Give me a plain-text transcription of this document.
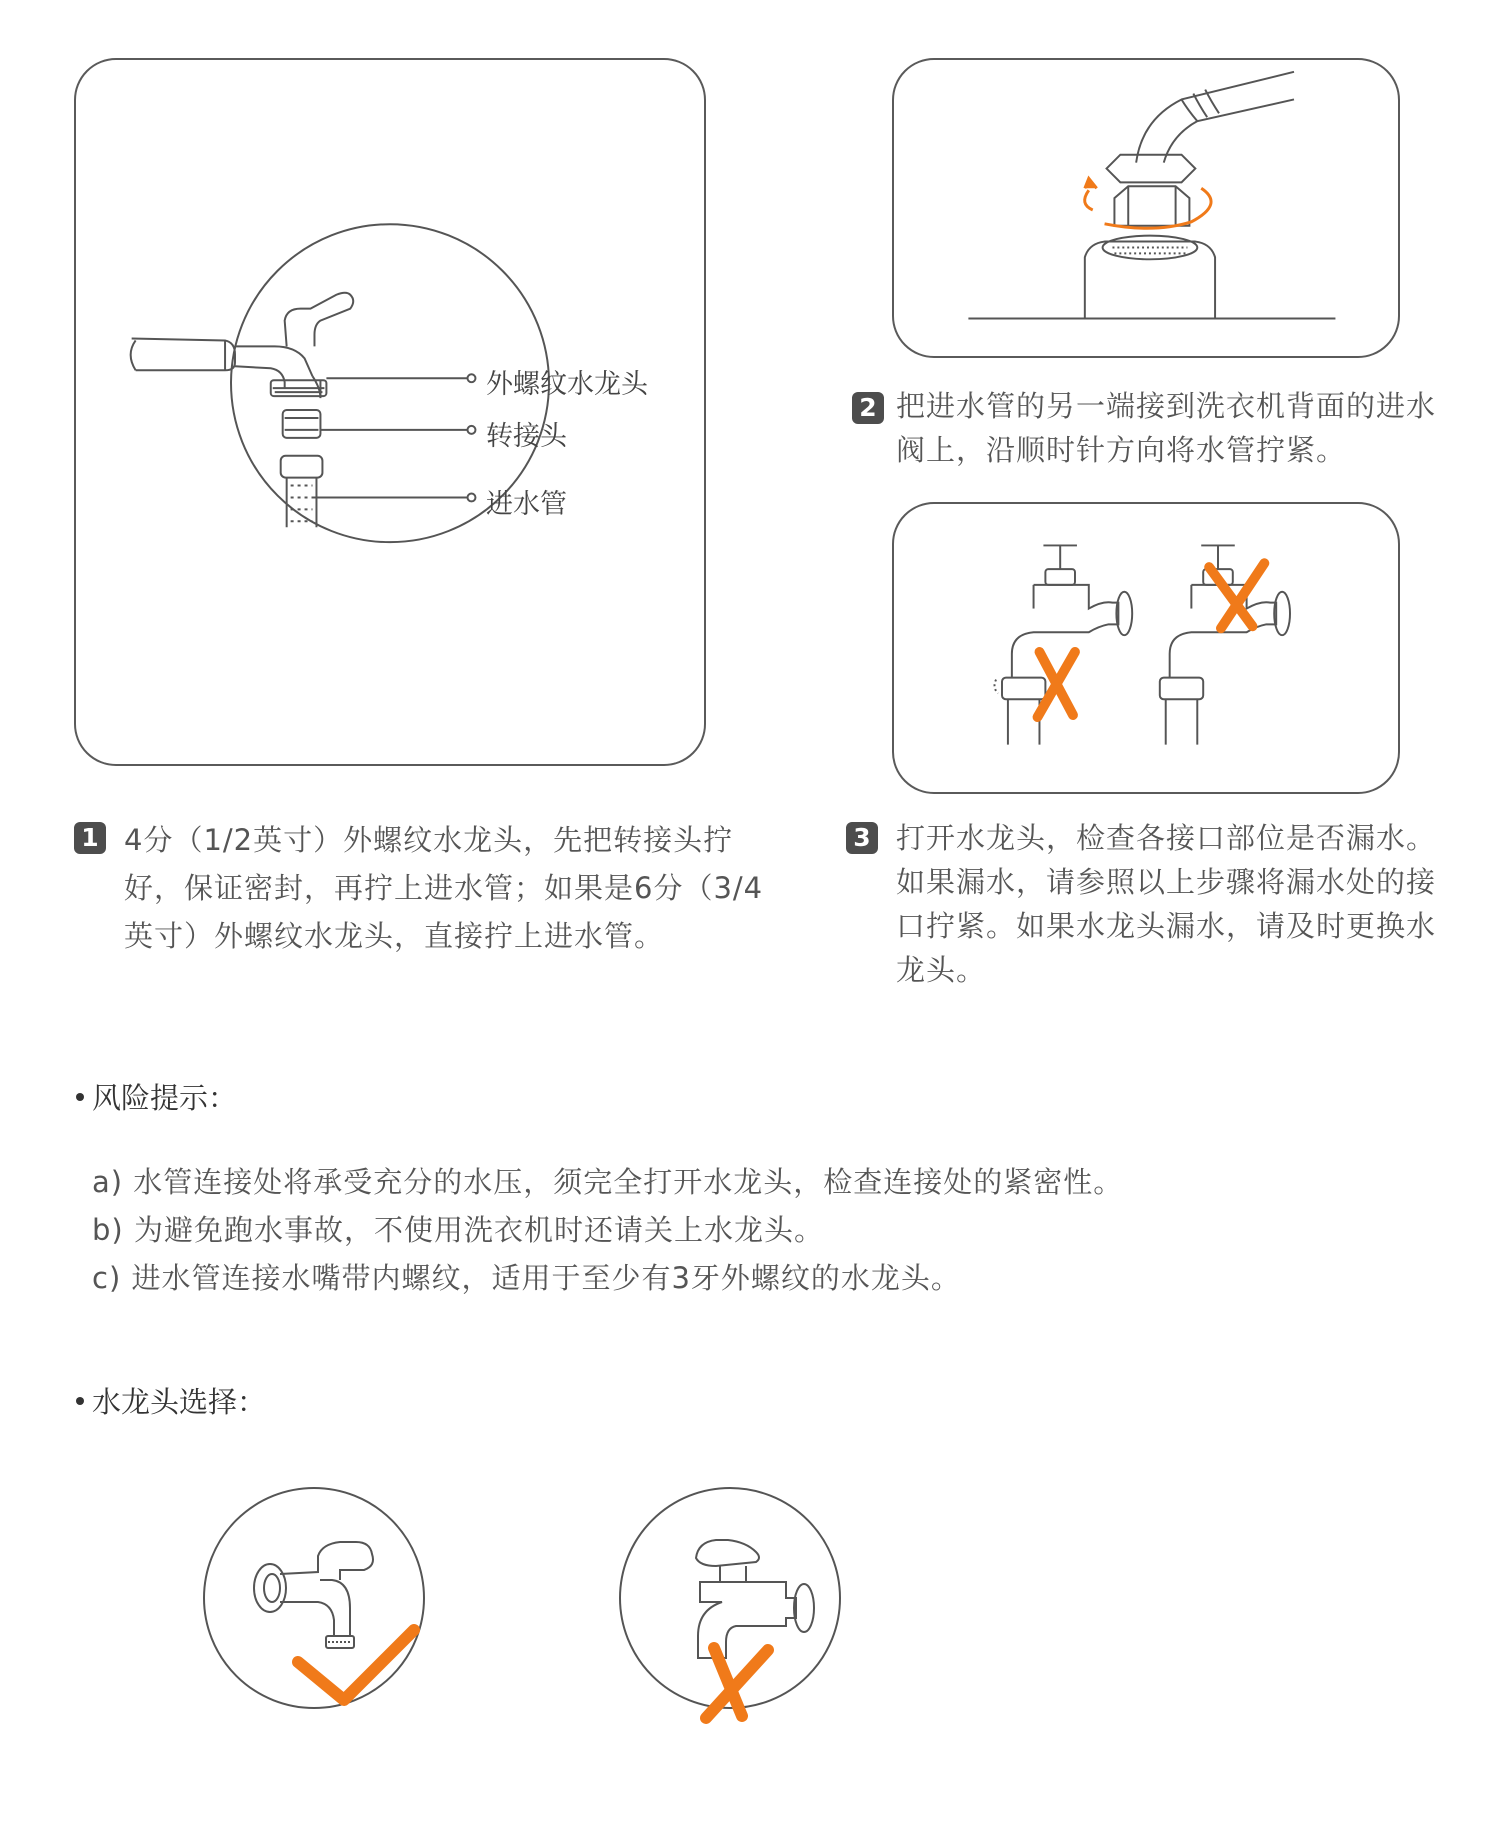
外螺纹水龙头
转接头
进水管
1 4分（1/2英寸）外螺纹水龙头，先把转接头拧

好，保证密封，再拧上进水管；如果是6分（3/4

英寸）外螺纹水龙头，直接拧上进水管。

2 把进水管的另一端接到洗衣机背面的进水

阀上，沿顺时针方向将水管拧紧。

3 打开水龙头，检查各接口部位是否漏水。

如果漏水，请参照以上步骤将漏水处的接

口拧紧。如果水龙头漏水，请及时更换水

龙头。

风险提示：
a) 水管连接处将承受充分的水压，须完全打开水龙头，检查连接处的紧密性。
b) 为避免跑水事故，不使用洗衣机时还请关上水龙头。
c) 进水管连接水嘴带内螺纹，适用于至少有3牙外螺纹的水龙头。
水龙头选择：
